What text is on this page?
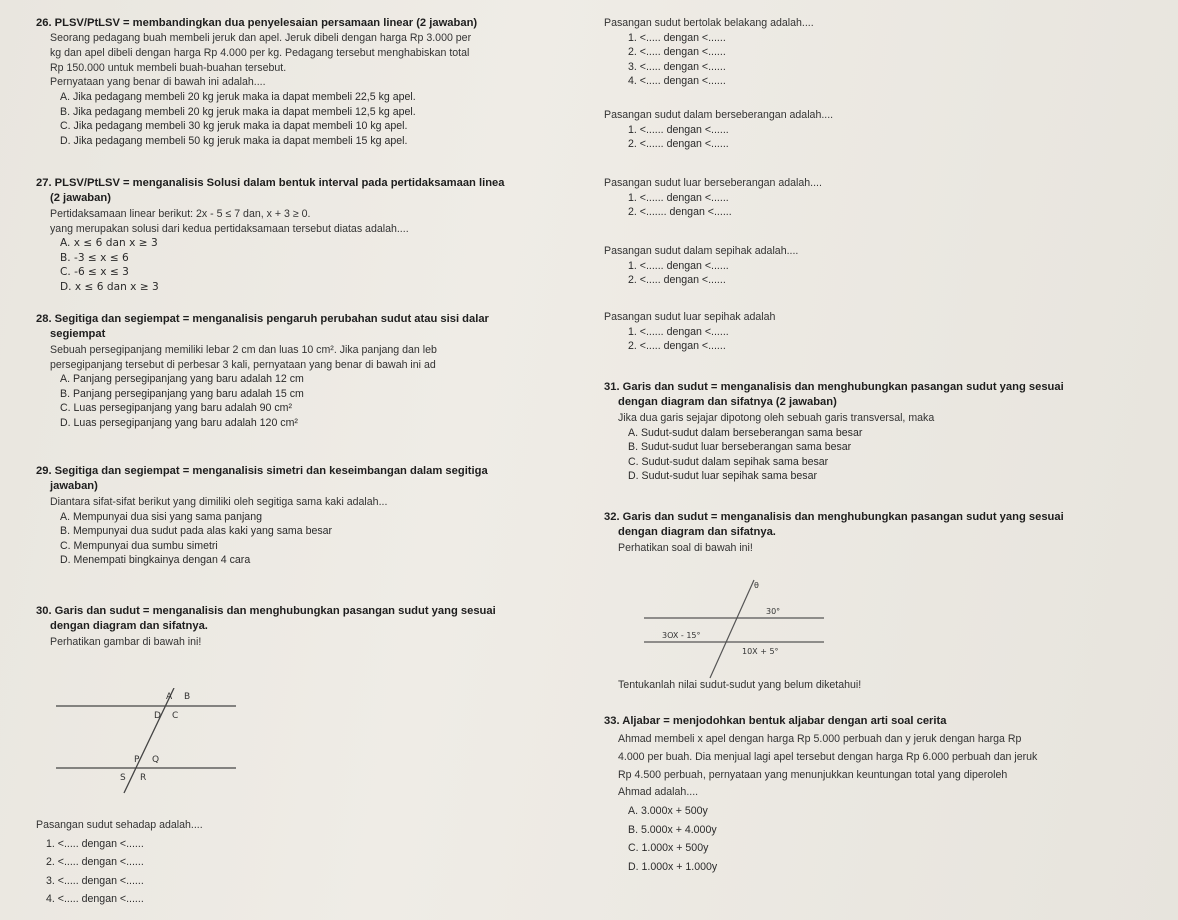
26. PLSV/PtLSV = membandingkan dua penyelesaian persamaan linear (2 jawaban)
Seorang pedagang buah membeli jeruk dan apel. Jeruk dibeli dengan harga Rp 3.000 per
kg dan apel dibeli dengan harga Rp 4.000 per kg. Pedagang tersebut menghabiskan total
Rp 150.000 untuk membeli buah-buahan tersebut.
Pernyataan yang benar di bawah ini adalah....
A. Jika pedagang membeli 20 kg jeruk maka ia dapat membeli 22,5 kg apel.
B. Jika pedagang membeli 20 kg jeruk maka ia dapat membeli 12,5 kg apel.
C. Jika pedagang membeli 30 kg jeruk maka ia dapat membeli 10 kg apel.
D. Jika pedagang membeli 50 kg jeruk maka ia dapat membeli 15 kg apel.
27. PLSV/PtLSV = menganalisis Solusi dalam bentuk interval pada pertidaksamaan linea
(2 jawaban)
Pertidaksamaan linear berikut: 2x - 5 ≤ 7 dan, x + 3 ≥ 0.
yang merupakan solusi dari kedua pertidaksamaan tersebut diatas adalah....
A. x ≤ 6 dan x ≥ 3
B. -3 ≤ x ≤ 6
C. -6 ≤ x ≤ 3
D. x ≤ 6 dan x ≥ 3
28. Segitiga dan segiempat = menganalisis pengaruh perubahan sudut atau sisi dalar
segiempat
Sebuah persegipanjang memiliki lebar 2 cm dan luas 10 cm². Jika panjang dan leb
persegipanjang tersebut di perbesar 3 kali, pernyataan yang benar di bawah ini ad
A. Panjang persegipanjang yang baru adalah 12 cm
B. Panjang persegipanjang yang baru adalah 15 cm
C. Luas persegipanjang yang baru adalah 90 cm²
D. Luas persegipanjang yang baru adalah 120 cm²
29. Segitiga dan segiempat = menganalisis simetri dan keseimbangan dalam segitiga
jawaban)
Diantara sifat-sifat berikut yang dimiliki oleh segitiga sama kaki adalah...
A. Mempunyai dua sisi yang sama panjang
B. Mempunyai dua sudut pada alas kaki yang sama besar
C. Mempunyai dua sumbu simetri
D. Menempati bingkainya dengan 4 cara
30. Garis dan sudut = menganalisis dan menghubungkan pasangan sudut yang sesuai
dengan diagram dan sifatnya.
Perhatikan gambar di bawah ini!
A B
D C
P Q
S R
Pasangan sudut sehadap adalah....
1. <..... dengan <......
2. <..... dengan <......
3. <..... dengan <......
4. <..... dengan <......
Pasangan sudut bertolak belakang adalah....
1. <..... dengan <......
2. <..... dengan <......
3. <..... dengan <......
4. <..... dengan <......
Pasangan sudut dalam berseberangan adalah....
1. <...... dengan <......
2. <...... dengan <......
Pasangan sudut luar berseberangan adalah....
1. <...... dengan <......
2. <....... dengan <......
Pasangan sudut dalam sepihak adalah....
1. <...... dengan <......
2. <..... dengan <......
Pasangan sudut luar sepihak adalah
1. <...... dengan <......
2. <..... dengan <......
31. Garis dan sudut = menganalisis dan menghubungkan pasangan sudut yang sesuai
dengan diagram dan sifatnya (2 jawaban)
Jika dua garis sejajar dipotong oleh sebuah garis transversal, maka
A. Sudut-sudut dalam berseberangan sama besar
B. Sudut-sudut luar berseberangan sama besar
C. Sudut-sudut dalam sepihak sama besar
D. Sudut-sudut luar sepihak sama besar
32. Garis dan sudut = menganalisis dan menghubungkan pasangan sudut yang sesuai
dengan diagram dan sifatnya.
Perhatikan soal di bawah ini!
θ
30°
3OX - 15°
10X + 5°
Tentukanlah nilai sudut-sudut yang belum diketahui!
33. Aljabar = menjodohkan bentuk aljabar dengan arti soal cerita
Ahmad membeli x apel dengan harga Rp 5.000 perbuah dan y jeruk dengan harga Rp
4.000 per buah. Dia menjual lagi apel tersebut dengan harga Rp 6.000 perbuah dan jeruk
Rp 4.500 perbuah, pernyataan yang menunjukkan keuntungan total yang diperoleh
Ahmad adalah....
A. 3.000x + 500y
B. 5.000x + 4.000y
C. 1.000x + 500y
D. 1.000x + 1.000y
